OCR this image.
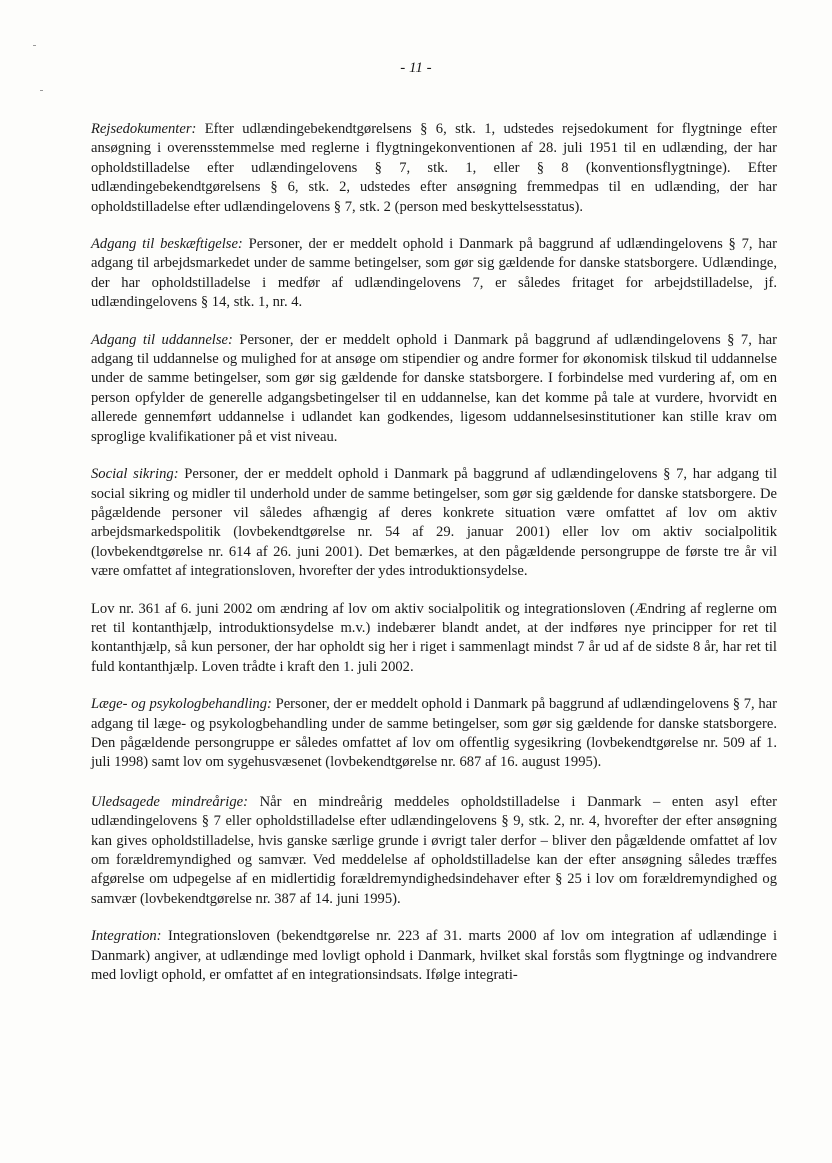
- 11 -

Rejsedokumenter: Efter udlændingebekendtgørelsens § 6, stk. 1, udstedes rejsedokument for flygtninge efter ansøgning i overensstemmelse med reglerne i flygtningekonventionen af 28. juli 1951 til en udlænding, der har opholdstilladelse efter udlændingelovens § 7, stk. 1, eller § 8 (konventionsflygtninge). Efter udlændingebekendtgørelsens § 6, stk. 2, udstedes efter ansøgning fremmedpas til en udlænding, der har opholdstilladelse efter udlændingelovens § 7, stk. 2 (person med beskyttelsesstatus).

Adgang til beskæftigelse: Personer, der er meddelt ophold i Danmark på baggrund af udlændingelovens § 7, har adgang til arbejdsmarkedet under de samme betingelser, som gør sig gældende for danske statsborgere. Udlændinge, der har opholdstilladelse i medfør af udlændingelovens 7, er således fritaget for arbejdstilladelse, jf. udlændingelovens § 14, stk. 1, nr. 4.

Adgang til uddannelse: Personer, der er meddelt ophold i Danmark på baggrund af udlændingelovens § 7, har adgang til uddannelse og mulighed for at ansøge om stipendier og andre former for økonomisk tilskud til uddannelse under de samme betingelser, som gør sig gældende for danske statsborgere. I forbindelse med vurdering af, om en person opfylder de generelle adgangsbetingelser til en uddannelse, kan det komme på tale at vurdere, hvorvidt en allerede gennemført uddannelse i udlandet kan godkendes, ligesom uddannelsesinstitutioner kan stille krav om sproglige kvalifikationer på et vist niveau.

Social sikring: Personer, der er meddelt ophold i Danmark på baggrund af udlændingelovens § 7, har adgang til social sikring og midler til underhold under de samme betingelser, som gør sig gældende for danske statsborgere. De pågældende personer vil således afhængig af deres konkrete situation være omfattet af lov om aktiv arbejdsmarkedspolitik (lovbekendtgørelse nr. 54 af 29. januar 2001) eller lov om aktiv socialpolitik (lovbekendtgørelse nr. 614 af 26. juni 2001). Det bemærkes, at den pågældende persongruppe de første tre år vil være omfattet af integrationsloven, hvorefter der ydes introduktionsydelse.

Lov nr. 361 af 6. juni 2002 om ændring af lov om aktiv socialpolitik og integrationsloven (Ændring af reglerne om ret til kontanthjælp, introduktionsydelse m.v.) indebærer blandt andet, at der indføres nye principper for ret til kontanthjælp, så kun personer, der har opholdt sig her i riget i sammenlagt mindst 7 år ud af de sidste 8 år, har ret til fuld kontanthjælp. Loven trådte i kraft den 1. juli 2002.

Læge- og psykologbehandling: Personer, der er meddelt ophold i Danmark på baggrund af udlændingelovens § 7, har adgang til læge- og psykologbehandling under de samme betingelser, som gør sig gældende for danske statsborgere. Den pågældende persongruppe er således omfattet af lov om offentlig sygesikring (lovbekendtgørelse nr. 509 af 1. juli 1998) samt lov om sygehusvæsenet (lovbekendtgørelse nr. 687 af 16. august 1995).

Uledsagede mindreårige: Når en mindreårig meddeles opholdstilladelse i Danmark – enten asyl efter udlændingelovens § 7 eller opholdstilladelse efter udlændingelovens § 9, stk. 2, nr. 4, hvorefter der efter ansøgning kan gives opholdstilladelse, hvis ganske særlige grunde i øvrigt taler derfor – bliver den pågældende omfattet af lov om forældremyndighed og samvær. Ved meddelelse af opholdstilladelse kan der efter ansøgning således træffes afgørelse om udpegelse af en midlertidig forældremyndighedsindehaver efter § 25 i lov om forældremyndighed og samvær (lovbekendtgørelse nr. 387 af 14. juni 1995).

Integration: Integrationsloven (bekendtgørelse nr. 223 af 31. marts 2000 af lov om integration af udlændinge i Danmark) angiver, at udlændinge med lovligt ophold i Danmark, hvilket skal forstås som flygtninge og indvandrere med lovligt ophold, er omfattet af en integrationsindsats. Ifølge integrati-
